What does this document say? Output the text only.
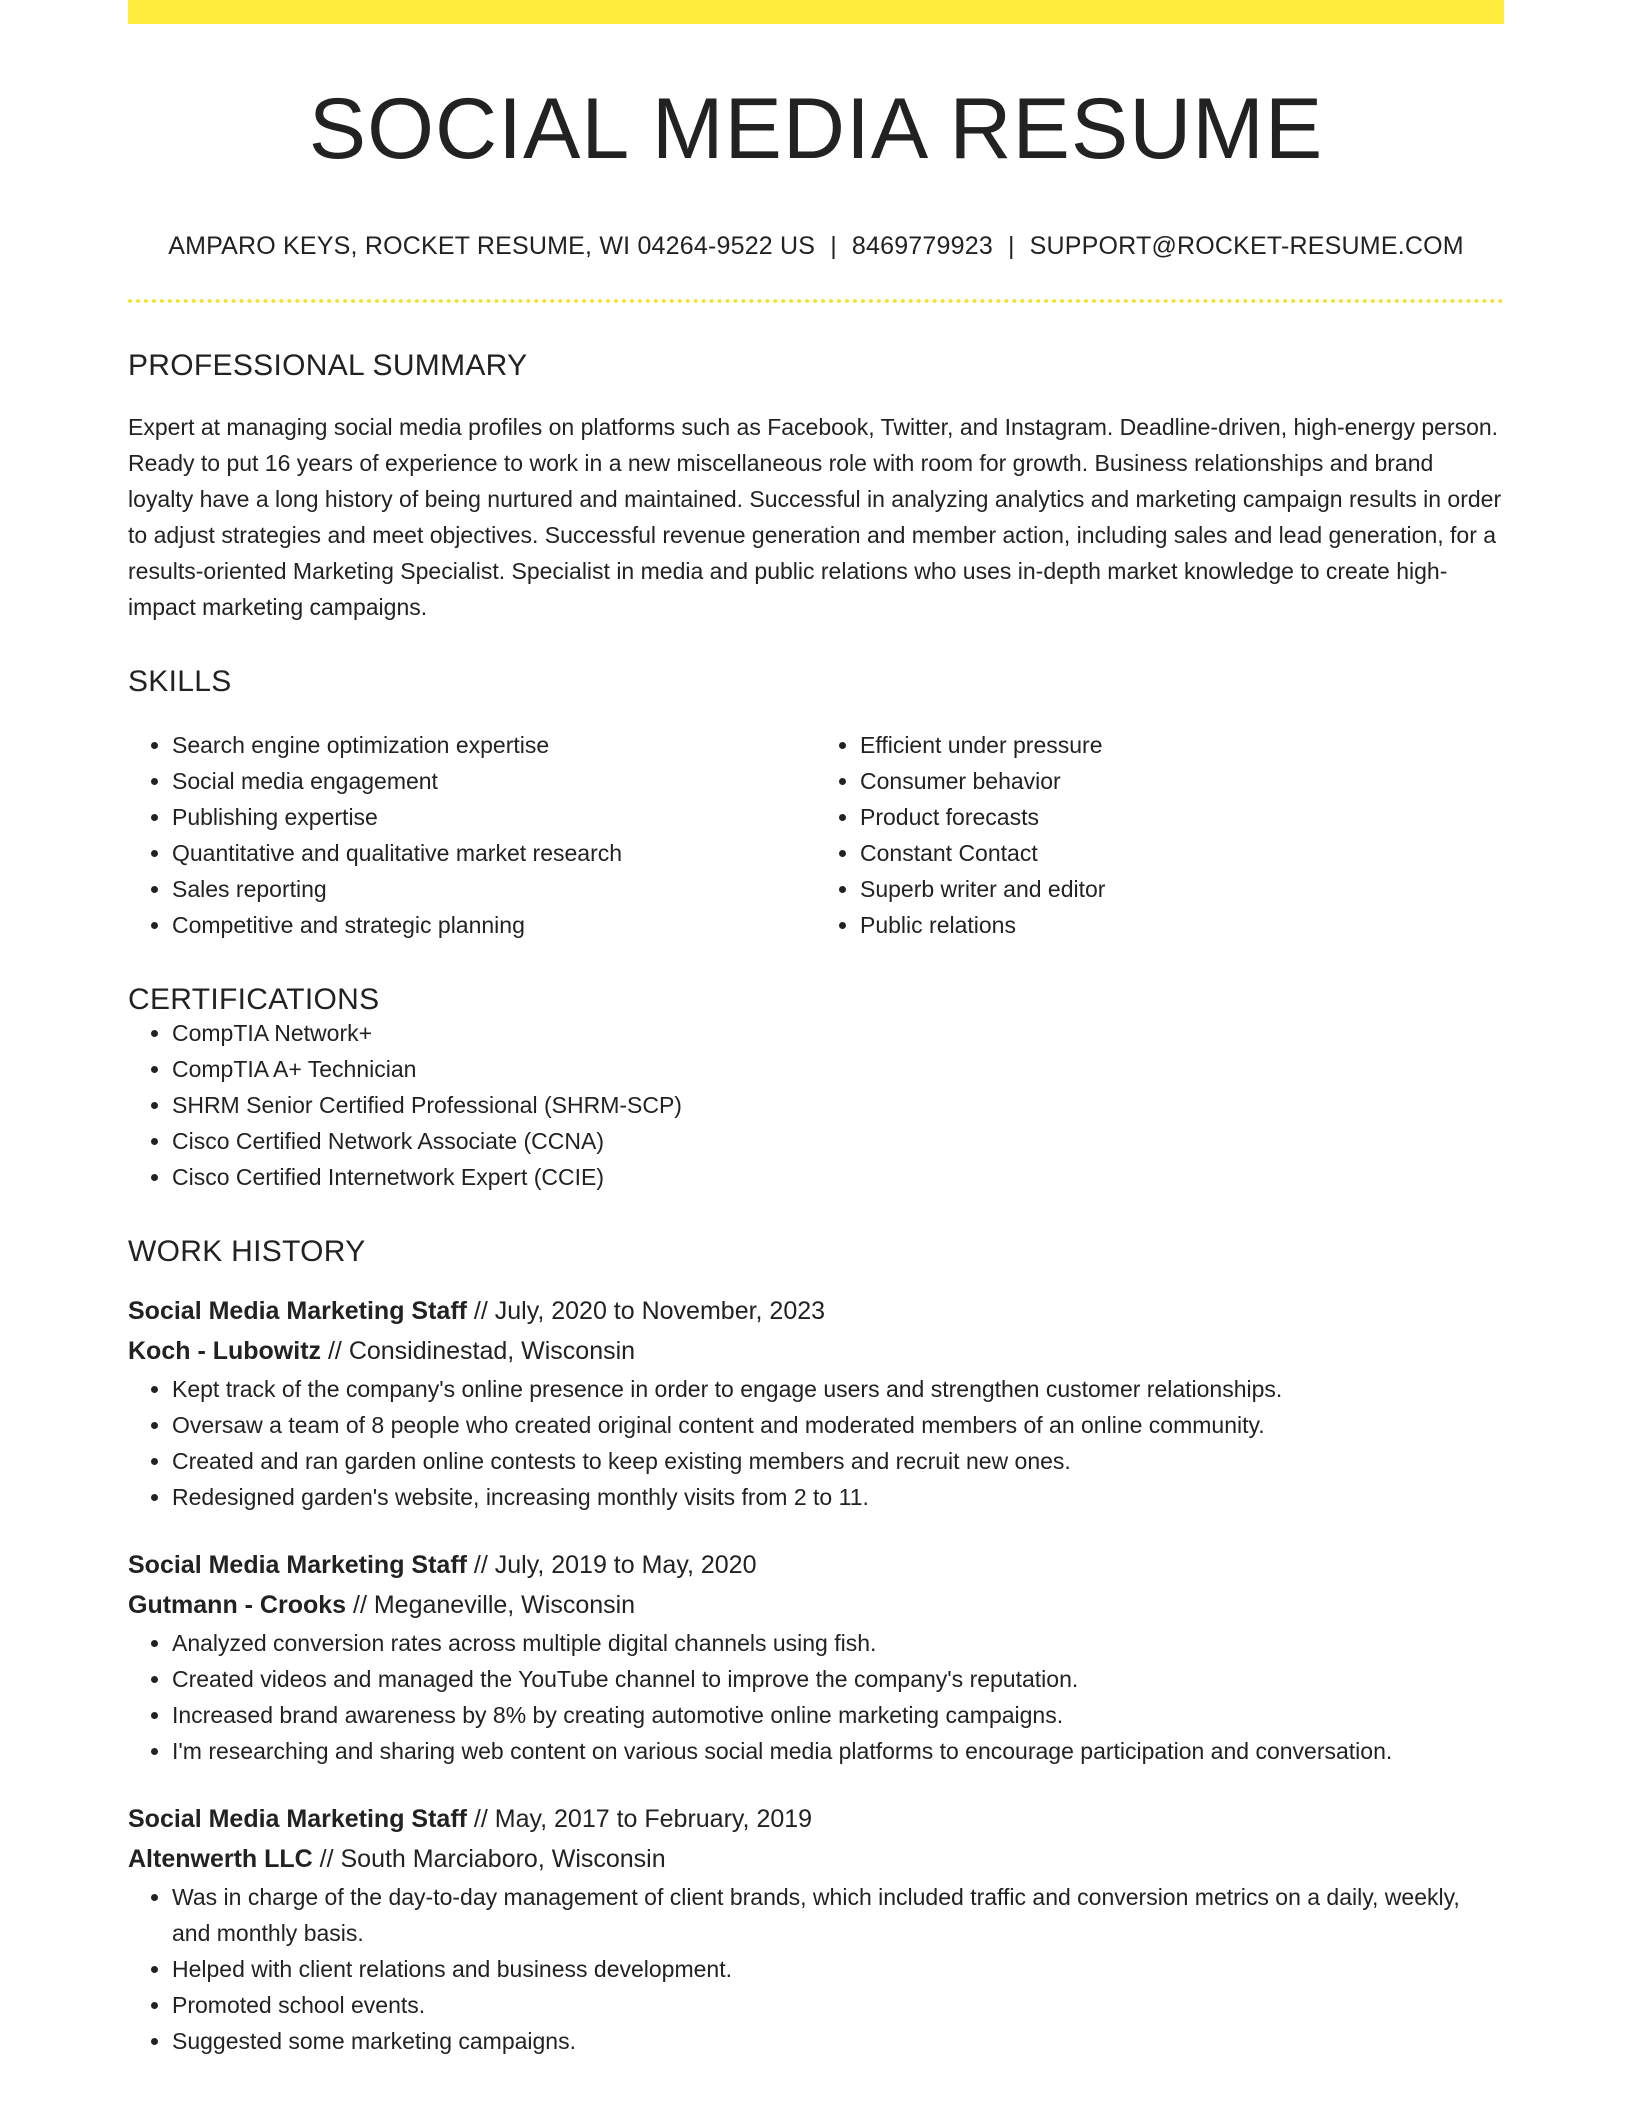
SOCIAL MEDIA RESUME
AMPARO KEYS, ROCKET RESUME, WI 04264-9522 US | 8469779923 | SUPPORT@ROCKET-RESUME.COM
PROFESSIONAL SUMMARY

Expert at managing social media profiles on platforms such as Facebook, Twitter, and Instagram. Deadline-driven, high-energy person. Ready to put 16 years of experience to work in a new miscellaneous role with room for growth. Business relationships and brand loyalty have a long history of being nurtured and maintained. Successful in analyzing analytics and marketing campaign results in order to adjust strategies and meet objectives. Successful revenue generation and member action, including sales and lead generation, for a results-oriented Marketing Specialist. Specialist in media and public relations who uses in-depth market knowledge to create high-impact marketing campaigns.

SKILLS
• Search engine optimization expertise
• Social media engagement
• Publishing expertise
• Quantitative and qualitative market research
• Sales reporting
• Competitive and strategic planning
• Efficient under pressure
• Consumer behavior
• Product forecasts
• Constant Contact
• Superb writer and editor
• Public relations
CERTIFICATIONS
• CompTIA Network+
• CompTIA A+ Technician
• SHRM Senior Certified Professional (SHRM-SCP)
• Cisco Certified Network Associate (CCNA)
• Cisco Certified Internetwork Expert (CCIE)
WORK HISTORY
Social Media Marketing Staff // July, 2020 to November, 2023
Koch - Lubowitz // Considinestad, Wisconsin
• Kept track of the company's online presence in order to engage users and strengthen customer relationships.
• Oversaw a team of 8 people who created original content and moderated members of an online community.
• Created and ran garden online contests to keep existing members and recruit new ones.
• Redesigned garden's website, increasing monthly visits from 2 to 11.
Social Media Marketing Staff // July, 2019 to May, 2020
Gutmann - Crooks // Meganeville, Wisconsin
• Analyzed conversion rates across multiple digital channels using fish.
• Created videos and managed the YouTube channel to improve the company's reputation.
• Increased brand awareness by 8% by creating automotive online marketing campaigns.
• I'm researching and sharing web content on various social media platforms to encourage participation and conversation.
Social Media Marketing Staff // May, 2017 to February, 2019
Altenwerth LLC // South Marciaboro, Wisconsin
• Was in charge of the day-to-day management of client brands, which included traffic and conversion metrics on a daily, weekly, and monthly basis.
• Helped with client relations and business development.
• Promoted school events.
• Suggested some marketing campaigns.
